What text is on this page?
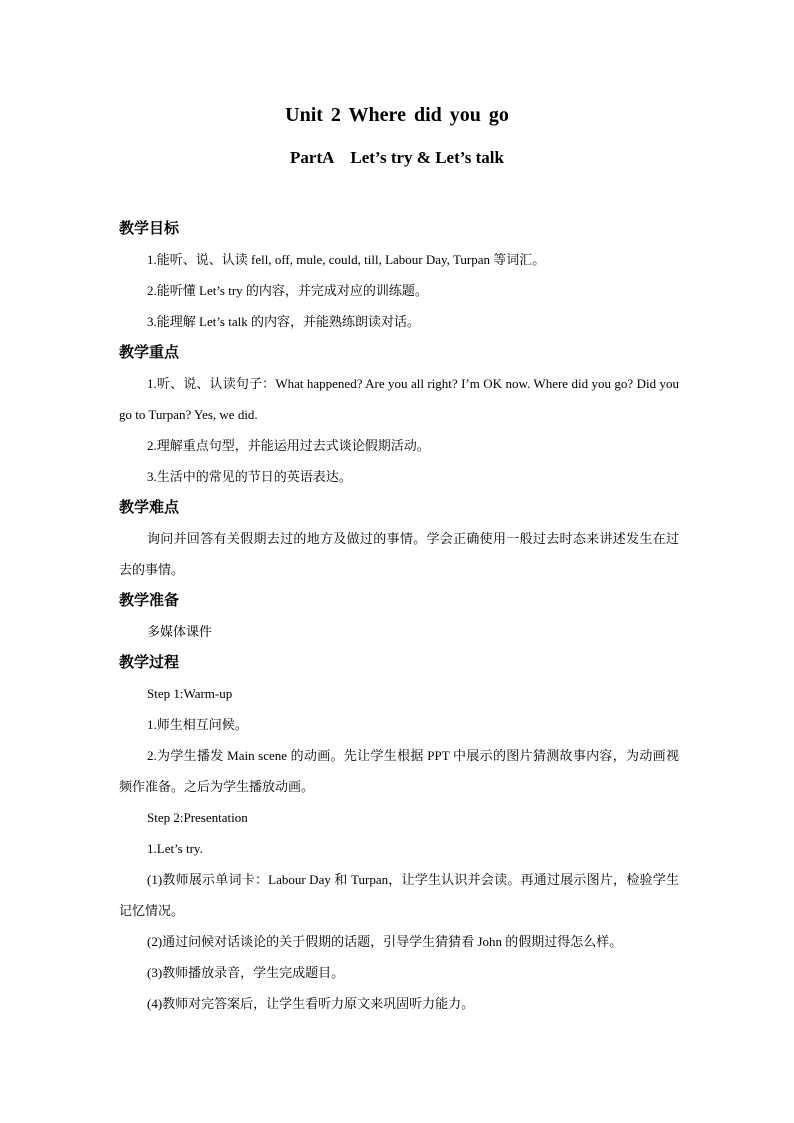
Unit 2 Where did you go
PartA Let’s try & Let’s talk
教学目标
1.能听、说、认读 fell, off, mule, could, till, Labour Day, Turpan 等词汇。
2.能听懂 Let’s try 的内容，并完成对应的训练题。
3.能理解 Let’s talk 的内容，并能熟练朗读对话。
教学重点
1.听、说、认读句子：What happened? Are you all right? I’m OK now. Where did you go? Did you go to Turpan? Yes, we did.
2.理解重点句型，并能运用过去式谈论假期活动。
3.生活中的常见的节日的英语表达。
教学难点
询问并回答有关假期去过的地方及做过的事情。学会正确使用一般过去时态来讲述发生在过去的事情。
教学准备
多媒体课件
教学过程
Step 1:Warm-up
1.师生相互问候。
2.为学生播发 Main scene 的动画。先让学生根据 PPT 中展示的图片猜测故事内容，为动画视频作准备。之后为学生播放动画。
Step 2:Presentation
1.Let’s try.
(1)教师展示单词卡：Labour Day 和 Turpan，让学生认识并会读。再通过展示图片，检验学生记忆情况。
(2)通过问候对话谈论的关于假期的话题，引导学生猜猜看 John 的假期过得怎么样。
(3)教师播放录音，学生完成题目。
(4)教师对完答案后，让学生看听力原文来巩固听力能力。
